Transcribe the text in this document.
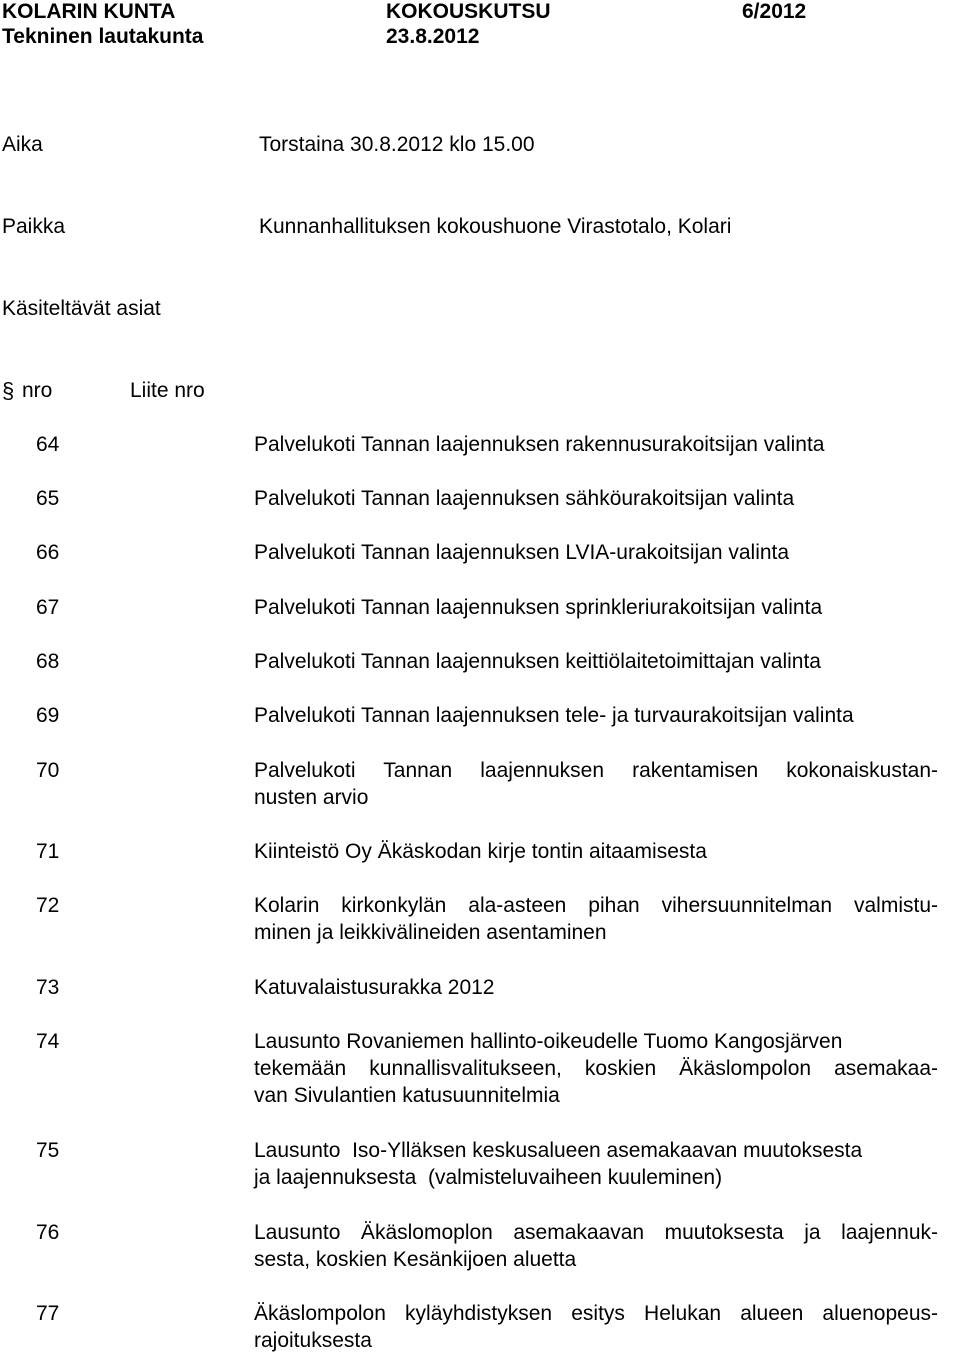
KOLARIN KUNTA	KOKOUSKUTSU	6/2012
Tekninen lautakunta	23.8.2012
Aika	Torstaina 30.8.2012 klo 15.00
Paikka	Kunnanhallituksen kokoushuone Virastotalo, Kolari
Käsiteltävät asiat
§ nro	Liite nro
64	Palvelukoti Tannan laajennuksen rakennusurakoitsijan valinta
65	Palvelukoti Tannan laajennuksen sähköurakoitsijan valinta
66	Palvelukoti Tannan laajennuksen LVIA-urakoitsijan valinta
67	Palvelukoti Tannan laajennuksen sprinkleriurakoitsijan valinta
68	Palvelukoti Tannan laajennuksen keittiölaitetoimittajan valinta
69	Palvelukoti Tannan laajennuksen tele- ja turvaurakoitsijan valinta
70	Palvelukoti Tannan laajennuksen rakentamisen kokonaiskustan-
nusten arvio
71	Kiinteistö Oy Äkäskodan kirje tontin aitaamisesta
72	Kolarin kirkonkylän ala-asteen pihan vihersuunnitelman valmistu-
minen ja leikkivälineiden asentaminen
73	Katuvalaistusurakka 2012
74	Lausunto Rovaniemen hallinto-oikeudelle Tuomo Kangosjärven
tekemään kunnallisvalitukseen, koskien Äkäslompolon asemakaa-
van Sivulantien katusuunnitelmia
75	Lausunto  Iso-Ylläksen keskusalueen asemakaavan muutoksesta
ja laajennuksesta  (valmisteluvaiheen kuuleminen)
76	Lausunto Äkäslomoplon asemakaavan muutoksesta ja laajennuk-
sesta, koskien Kesänkijoen aluetta
77	Äkäslompolon kyläyhdistyksen esitys Helukan alueen aluenopeus-
rajoituksesta
